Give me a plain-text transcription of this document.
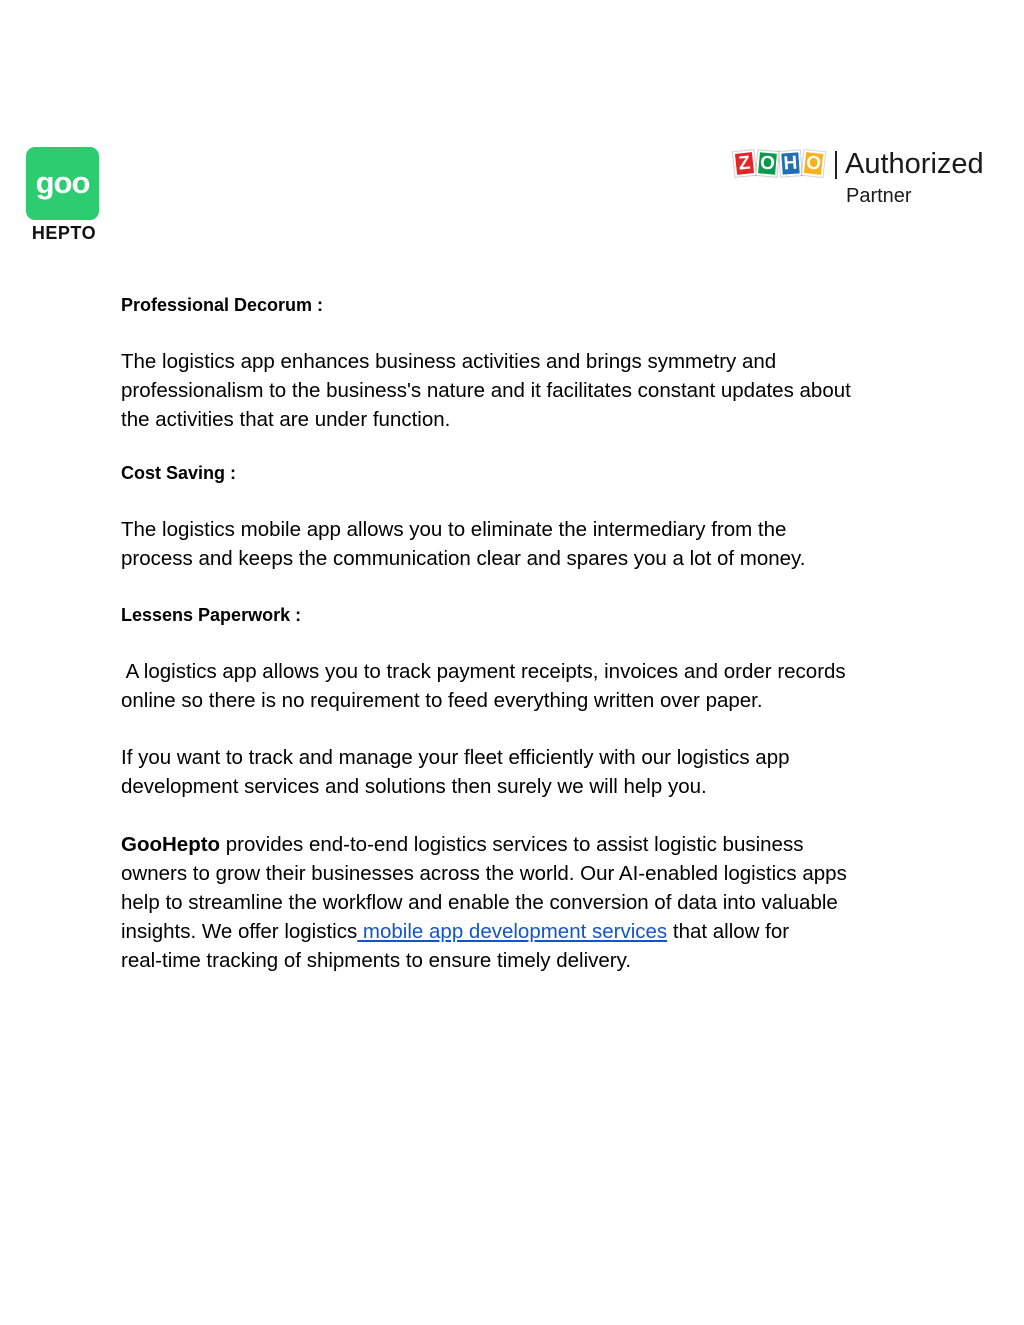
goo
HEPTO
Z O H O Authorized
Partner
Professional Decorum :
The logistics app enhances business activities and brings symmetry and
professionalism to the business's nature and it facilitates constant updates about
the activities that are under function.
Cost Saving :
The logistics mobile app allows you to eliminate the intermediary from the
process and keeps the communication clear and spares you a lot of money.
Lessens Paperwork :
A logistics app allows you to track payment receipts, invoices and order records
online so there is no requirement to feed everything written over paper.
If you want to track and manage your fleet efficiently with our logistics app
development services and solutions then surely we will help you.
GooHepto provides end-to-end logistics services to assist logistic business
owners to grow their businesses across the world. Our AI-enabled logistics apps
help to streamline the workflow and enable the conversion of data into valuable
insights. We offer logistics mobile app development services that allow for
real-time tracking of shipments to ensure timely delivery.
